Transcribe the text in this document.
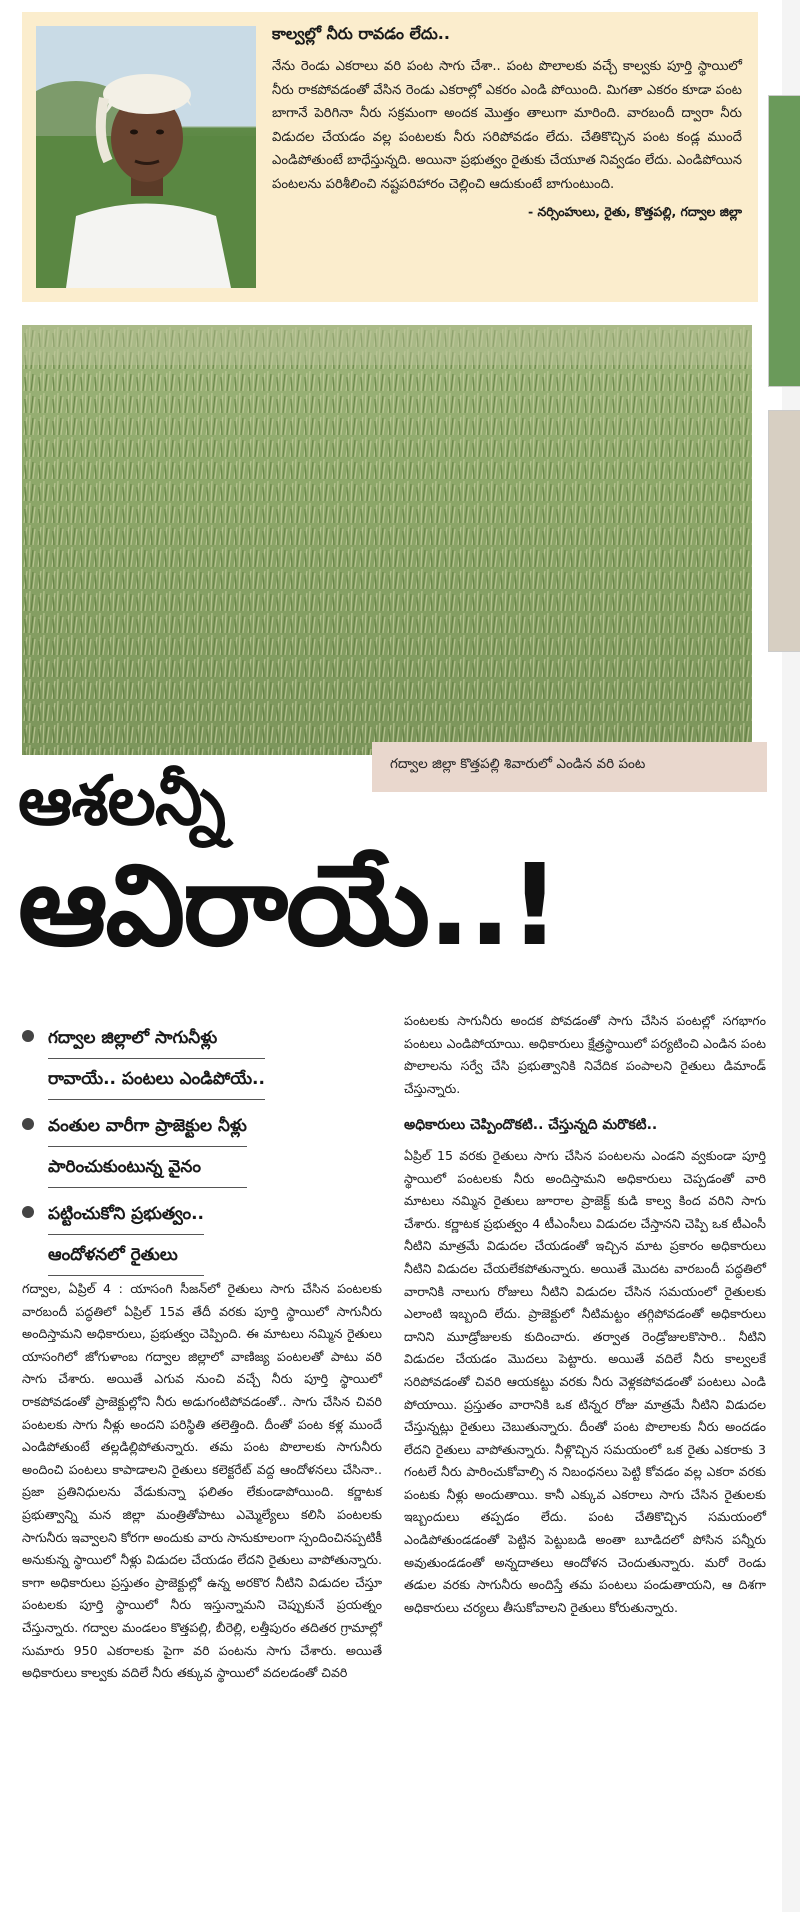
కాల్వల్లో నీరు రావడం లేదు..

నేను రెండు ఎకరాలు వరి పంట సాగు చేశా.. పంట పొలాలకు వచ్చే కాల్వకు పూర్తి స్థాయిలో నీరు రాకపోవడంతో వేసిన రెండు ఎకరాల్లో ఎకరం ఎండి పోయింది. మిగతా ఎకరం కూడా పంట బాగానే పెరిగినా నీరు సక్రమంగా అందక మొత్తం తాలుగా మారింది. వారబందీ ద్వారా నీరు విడుదల చేయడం వల్ల పంటలకు నీరు సరిపోవడం లేదు. చేతికొచ్చిన పంట కండ్ల ముందే ఎండిపోతుంటే బాధేస్తున్నది. అయినా ప్రభుత్వం రైతుకు చేయూత నివ్వడం లేదు. ఎండిపోయిన పంటలను పరిశీలించి నష్టపరిహారం చెల్లించి ఆదుకుంటే బాగుంటుంది.

- నర్సింహులు, రైతు, కొత్తపల్లి, గద్వాల జిల్లా
గద్వాల జిల్లా కొత్తపల్లి శివారులో ఎండిన వరి పంట
ఆశలన్నీ
ఆవిరాయే..!
గద్వాల జిల్లాలో సాగునీళ్లు
రావాయే.. పంటలు ఎండిపోయే..
వంతుల వారీగా ప్రాజెక్టుల నీళ్లు
పారించుకుంటున్న వైనం
పట్టించుకోని ప్రభుత్వం..
ఆందోళనలో రైతులు

గద్వాల, ఏప్రిల్ 4 : యాసంగి సీజన్‌లో రైతులు సాగు చేసిన పంటలకు వారబందీ పద్ధతిలో ఏప్రిల్ 15వ తేదీ వరకు పూర్తి స్థాయిలో సాగునీరు అందిస్తామని అధికారులు, ప్రభుత్వం చెప్పింది. ఈ మాటలు నమ్మిన రైతులు యాసంగిలో జోగుళాంబ గద్వాల జిల్లాలో వాణిజ్య పంటలతో పాటు వరి సాగు చేశారు. అయితే ఎగువ నుంచి వచ్చే నీరు పూర్తి స్థాయిలో రాకపోవడంతో ప్రాజెక్టుల్లోని నీరు అడుగంటిపోవడంతో.. సాగు చేసిన చివరి పంటలకు సాగు నీళ్లు అందని పరిస్థితి తలెత్తింది. దీంతో పంట కళ్ల ముందే ఎండిపోతుంటే తల్లడిల్లిపోతున్నారు. తమ పంట పొలాలకు సాగునీరు అందించి పంటలు కాపాడాలని రైతులు కలెక్టరేట్ వద్ద ఆందోళనలు చేసినా.. ప్రజా ప్రతినిధులను వేడుకున్నా ఫలితం లేకుండాపోయింది. కర్ణాటక ప్రభుత్వాన్ని మన జిల్లా మంత్రితోపాటు ఎమ్మెల్యేలు కలిసి పంటలకు సాగునీరు ఇవ్వాలని కోరగా అందుకు వారు సానుకూలంగా స్పందించినప్పటికీ అనుకున్న స్థాయిలో నీళ్లు విడుదల చేయడం లేదని రైతులు వాపోతున్నారు. కాగా అధికారులు ప్రస్తుతం ప్రాజెక్టుల్లో ఉన్న అరకొర నీటిని విడుదల చేస్తూ పంటలకు పూర్తి స్థాయిలో నీరు ఇస్తున్నామని చెప్పుకునే ప్రయత్నం చేస్తున్నారు. గద్వాల మండలం కొత్తపల్లి, బీరెల్లి, లత్తీపురం తదితర గ్రామాల్లో సుమారు 950 ఎకరాలకు పైగా వరి పంటను సాగు చేశారు. అయితే అధికారులు కాల్వకు వదిలే నీరు తక్కువ స్థాయిలో వదలడంతో చివరి

పంటలకు సాగునీరు అందక పోవడంతో సాగు చేసిన పంటల్లో సగభాగం పంటలు ఎండిపోయాయి. అధికారులు క్షేత్రస్థాయిలో పర్యటించి ఎండిన పంట పొలాలను సర్వే చేసి ప్రభుత్వానికి నివేదిక పంపాలని రైతులు డిమాండ్ చేస్తున్నారు.

అధికారులు చెప్పిందొకటి.. చేస్తున్నది మరొకటి..

ఏప్రిల్ 15 వరకు రైతులు సాగు చేసిన పంటలను ఎండని వ్వకుండా పూర్తి స్థాయిలో పంటలకు నీరు అందిస్తామని అధికారులు చెప్పడంతో వారి మాటలు నమ్మిన రైతులు జూరాల ప్రాజెక్ట్ కుడి కాల్వ కింద వరిని సాగు చేశారు. కర్ణాటక ప్రభుత్వం 4 టీఎంసీలు విడుదల చేస్తానని చెప్పి ఒక టీఎంసీ నీటిని మాత్రమే విడుదల చేయడంతో ఇచ్చిన మాట ప్రకారం అధికారులు నీటిని విడుదల చేయలేకపోతున్నారు. అయితే మొదట వారబందీ పద్ధతిలో వారానికి నాలుగు రోజులు నీటిని విడుదల చేసిన సమయంలో రైతులకు ఎలాంటి ఇబ్బంది లేదు. ప్రాజెక్టులో నీటిమట్టం తగ్గిపోవడంతో అధికారులు దానిని మూడ్రోజులకు కుదించారు. తర్వాత రెండ్రోజులకొసారి.. నీటిని విడుదల చేయడం మొదలు పెట్టారు. అయితే వదిలే నీరు కాల్వలకే సరిపోవడంతో చివరి ఆయకట్టు వరకు నీరు వెళ్లకపోవడంతో పంటలు ఎండి పోయాయి. ప్రస్తుతం వారానికి ఒక టిన్నర రోజు మాత్రమే నీటిని విడుదల చేస్తున్నట్లు రైతులు చెబుతున్నారు. దీంతో పంట పొలాలకు నీరు అందడం లేదని రైతులు వాపోతున్నారు. నీళ్లొచ్చిన సమయంలో ఒక రైతు ఎకరాకు 3 గంటలే నీరు పారించుకోవాల్సి న నిబంధనలు పెట్టి కోవడం వల్ల ఎకరా వరకు పంటకు నీళ్లు అందుతాయి. కానీ ఎక్కువ ఎకరాలు సాగు చేసిన రైతులకు ఇబ్బందులు తప్పడం లేదు. పంట చేతికొచ్చిన సమయంలో ఎండిపోతుండడంతో పెట్టిన పెట్టుబడి అంతా బూడిదలో పోసిన పన్నీరు అవుతుండడంతో అన్నదాతలు ఆందోళన చెందుతున్నారు. మరో రెండు తడుల వరకు సాగునీరు అందిస్తే తమ పంటలు పండుతాయని, ఆ దిశగా అధికారులు చర్యలు తీసుకోవాలని రైతులు కోరుతున్నారు.
